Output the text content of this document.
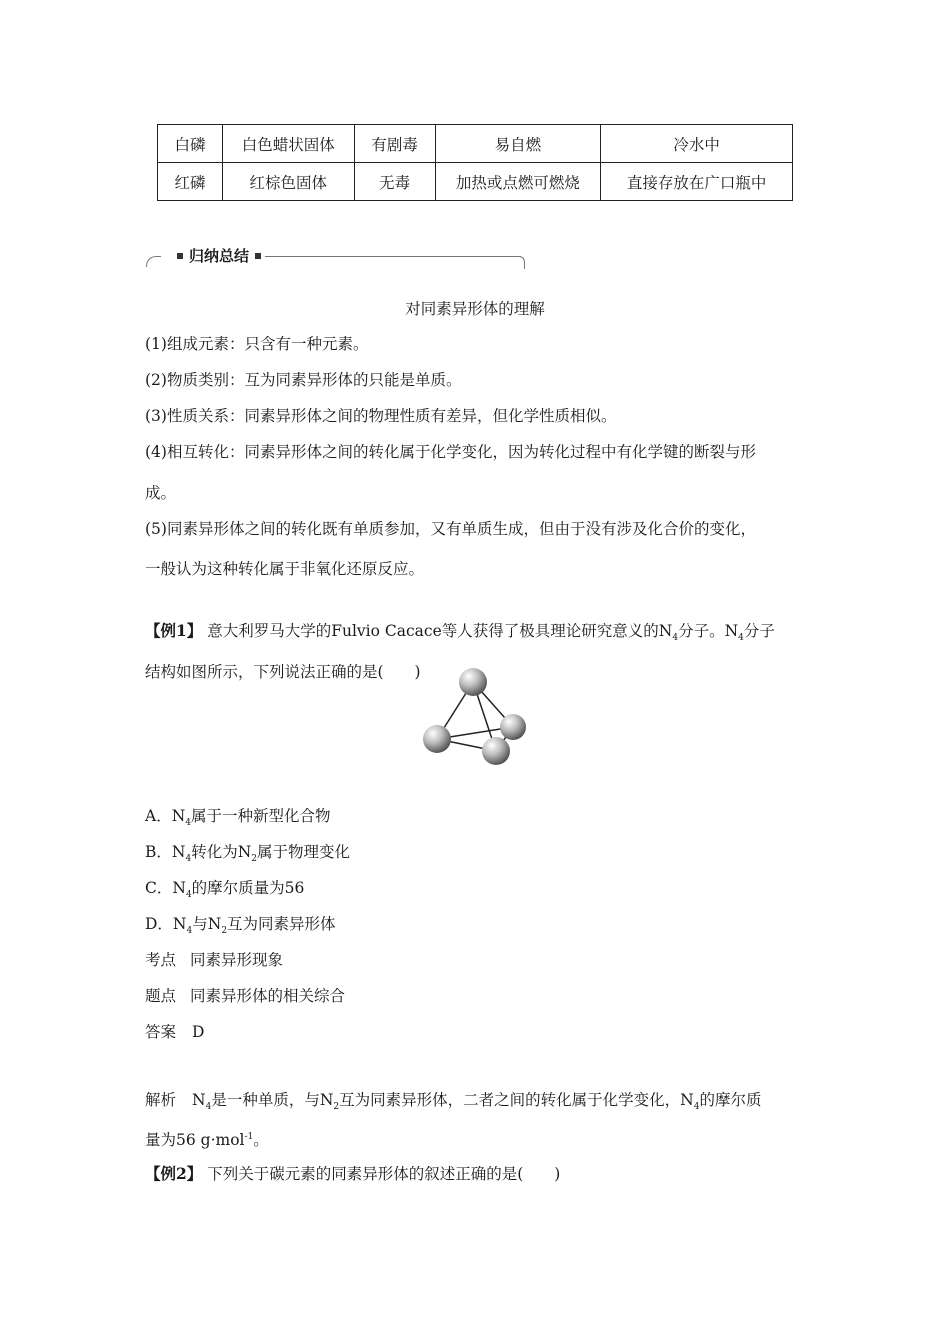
白磷	白色蜡状固体	有剧毒	易自燃	冷水中
红磷	红棕色固体	无毒	加热或点燃可燃烧	直接存放在广口瓶中
归纳总结
对同素异形体的理解
(1)组成元素：只含有一种元素。
(2)物质类别：互为同素异形体的只能是单质。
(3)性质关系：同素异形体之间的物理性质有差异，但化学性质相似。
(4)相互转化：同素异形体之间的转化属于化学变化，因为转化过程中有化学键的断裂与形
成。
(5)同素异形体之间的转化既有单质参加，又有单质生成，但由于没有涉及化合价的变化，
一般认为这种转化属于非氧化还原反应。
【例1】 意大利罗马大学的Fulvio Cacace等人获得了极具理论研究意义的$N_4$分子。$N_4$分子
结构如图所示，下列说法正确的是(　　)
A．$N_4$属于一种新型化合物
B．$N_4$转化为$N_2$属于物理变化
C．$N_4$的摩尔质量为56
D．$N_4$与$N_2$互为同素异形体
考点 同素异形现象
题点 同素异形体的相关综合
答案 D
解析 $N_4$是一种单质，与$N_2$互为同素异形体，二者之间的转化属于化学变化，$N_4$的摩尔质
量为56 g·mol$^{-1}$。
【例2】 下列关于碳元素的同素异形体的叙述正确的是(　　)
